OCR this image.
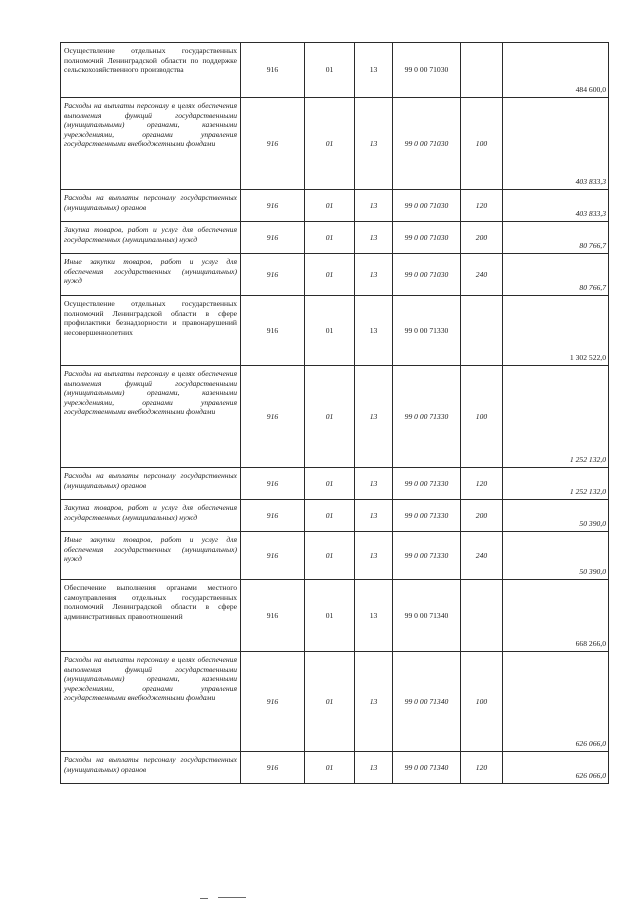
Осуществление отдельных государственных полномочий Ленинградской области по поддержке сельскохозяйственного производства	916	01	13	99 0 00 71030		484 600,0

Расходы на выплаты персоналу в целях обеспечения выполнения функций государственными (муниципальными) органами, казенными учреждениями, органами управления государственными внебюджетными фондами	916	01	13	99 0 00 71030	100	403 833,3

Расходы на выплаты персоналу государственных (муниципальных) органов	916	01	13	99 0 00 71030	120	403 833,3

Закупка товаров, работ и услуг для обеспечения государственных (муниципальных) нужд	916	01	13	99 0 00 71030	200	80 766,7

Иные закупки товаров, работ и услуг для обеспечения государственных (муниципальных) нужд	916	01	13	99 0 00 71030	240	80 766,7

Осуществление отдельных государственных полномочий Ленинградской области в сфере профилактики безнадзорности и правонарушений несовершеннолетних	916	01	13	99 0 00 71330		1 302 522,0

Расходы на выплаты персоналу в целях обеспечения выполнения функций государственными (муниципальными) органами, казенными учреждениями, органами управления государственными внебюджетными фондами	916	01	13	99 0 00 71330	100	1 252 132,0

Расходы на выплаты персоналу государственных (муниципальных) органов	916	01	13	99 0 00 71330	120	1 252 132,0

Закупка товаров, работ и услуг для обеспечения государственных (муниципальных) нужд	916	01	13	99 0 00 71330	200	50 390,0

Иные закупки товаров, работ и услуг для обеспечения государственных (муниципальных) нужд	916	01	13	99 0 00 71330	240	50 390,0

Обеспечение выполнения органами местного самоуправления отдельных государственных полномочий Ленинградской области в сфере административных правоотношений	916	01	13	99 0 00 71340		668 266,0

Расходы на выплаты персоналу в целях обеспечения выполнения функций государственными (муниципальными) органами, казенными учреждениями, органами управления государственными внебюджетными фондами	916	01	13	99 0 00 71340	100	626 066,0

Расходы на выплаты персоналу государственных (муниципальных) органов	916	01	13	99 0 00 71340	120	626 066,0
